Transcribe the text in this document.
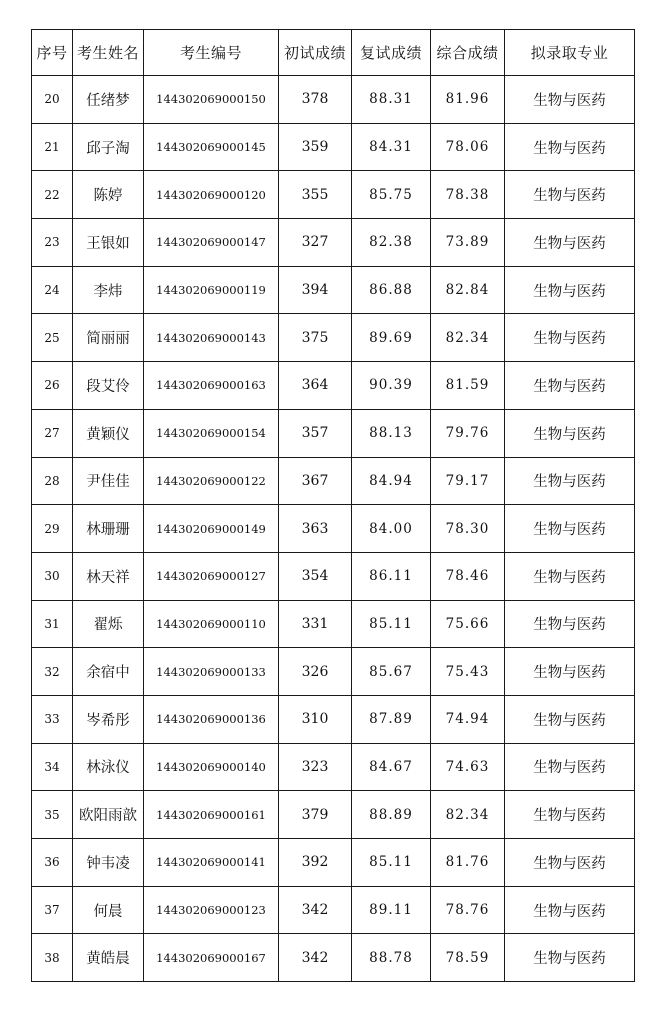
序号	考生姓名	考生编号	初试成绩	复试成绩	综合成绩	拟录取专业
20	任绪梦	144302069000150	378	88.31	81.96	生物与医药
21	邱子淘	144302069000145	359	84.31	78.06	生物与医药
22	陈婷	144302069000120	355	85.75	78.38	生物与医药
23	王银如	144302069000147	327	82.38	73.89	生物与医药
24	李炜	144302069000119	394	86.88	82.84	生物与医药
25	简丽丽	144302069000143	375	89.69	82.34	生物与医药
26	段艾伶	144302069000163	364	90.39	81.59	生物与医药
27	黄颖仪	144302069000154	357	88.13	79.76	生物与医药
28	尹佳佳	144302069000122	367	84.94	79.17	生物与医药
29	林珊珊	144302069000149	363	84.00	78.30	生物与医药
30	林天祥	144302069000127	354	86.11	78.46	生物与医药
31	翟烁	144302069000110	331	85.11	75.66	生物与医药
32	余宿中	144302069000133	326	85.67	75.43	生物与医药
33	岑希彤	144302069000136	310	87.89	74.94	生物与医药
34	林泳仪	144302069000140	323	84.67	74.63	生物与医药
35	欧阳雨歆	144302069000161	379	88.89	82.34	生物与医药
36	钟韦凌	144302069000141	392	85.11	81.76	生物与医药
37	何晨	144302069000123	342	89.11	78.76	生物与医药
38	黄皓晨	144302069000167	342	88.78	78.59	生物与医药
